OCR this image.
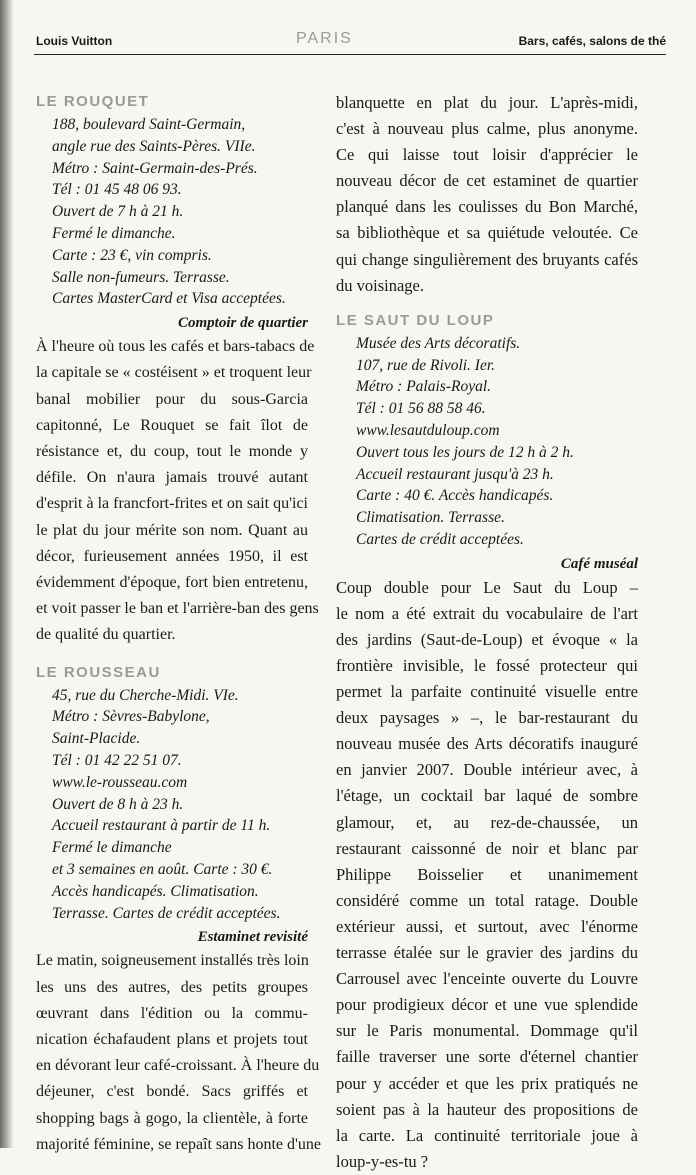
Louis Vuitton	PARIS	Bars, cafés, salons de thé
LE ROUQUET
188, boulevard Saint-Germain,
angle rue des Saints-Pères. VIIe.
Métro : Saint-Germain-des-Prés.
Tél : 01 45 48 06 93.
Ouvert de 7 h à 21 h.
Fermé le dimanche.
Carte : 23 €, vin compris.
Salle non-fumeurs. Terrasse.
Cartes MasterCard et Visa acceptées.
Comptoir de quartier
À l'heure où tous les cafés et bars-tabacs de
la capitale se « costéisent » et troquent leur
banal mobilier pour du sous-Garcia
capitonné, Le Rouquet se fait îlot de
résistance et, du coup, tout le monde y
défile. On n'aura jamais trouvé autant
d'esprit à la francfort-frites et on sait qu'ici
le plat du jour mérite son nom. Quant au
décor, furieusement années 1950, il est
évidemment d'époque, fort bien entretenu,
et voit passer le ban et l'arrière-ban des gens
de qualité du quartier.
LE ROUSSEAU
45, rue du Cherche-Midi. VIe.
Métro : Sèvres-Babylone,
Saint-Placide.
Tél : 01 42 22 51 07.
www.le-rousseau.com
Ouvert de 8 h à 23 h.
Accueil restaurant à partir de 11 h.
Fermé le dimanche
et 3 semaines en août. Carte : 30 €.
Accès handicapés. Climatisation.
Terrasse. Cartes de crédit acceptées.
Estaminet revisité
Le matin, soigneusement installés très loin
les uns des autres, des petits groupes
œuvrant dans l'édition ou la commu-
nication échafaudent plans et projets tout
en dévorant leur café-croissant. À l'heure du
déjeuner, c'est bondé. Sacs griffés et
shopping bags à gogo, la clientèle, à forte
majorité féminine, se repaît sans honte d'une
blanquette en plat du jour. L'après-midi,
c'est à nouveau plus calme, plus anonyme.
Ce qui laisse tout loisir d'apprécier le
nouveau décor de cet estaminet de quartier
planqué dans les coulisses du Bon Marché,
sa bibliothèque et sa quiétude veloutée. Ce
qui change singulièrement des bruyants cafés
du voisinage.
LE SAUT DU LOUP
Musée des Arts décoratifs.
107, rue de Rivoli. Ier.
Métro : Palais-Royal.
Tél : 01 56 88 58 46.
www.lesautduloup.com
Ouvert tous les jours de 12 h à 2 h.
Accueil restaurant jusqu'à 23 h.
Carte : 40 €. Accès handicapés.
Climatisation. Terrasse.
Cartes de crédit acceptées.
Café muséal
Coup double pour Le Saut du Loup –
le nom a été extrait du vocabulaire de l'art
des jardins (Saut-de-Loup) et évoque « la
frontière invisible, le fossé protecteur qui
permet la parfaite continuité visuelle entre
deux paysages » –, le bar-restaurant du
nouveau musée des Arts décoratifs inauguré
en janvier 2007. Double intérieur avec, à
l'étage, un cocktail bar laqué de sombre
glamour, et, au rez-de-chaussée, un
restaurant caissonné de noir et blanc par
Philippe Boisselier et unanimement
considéré comme un total ratage. Double
extérieur aussi, et surtout, avec l'énorme
terrasse étalée sur le gravier des jardins du
Carrousel avec l'enceinte ouverte du Louvre
pour prodigieux décor et une vue splendide
sur le Paris monumental. Dommage qu'il
faille traverser une sorte d'éternel chantier
pour y accéder et que les prix pratiqués ne
soient pas à la hauteur des propositions de
la carte. La continuité territoriale joue à
loup-y-es-tu ?
